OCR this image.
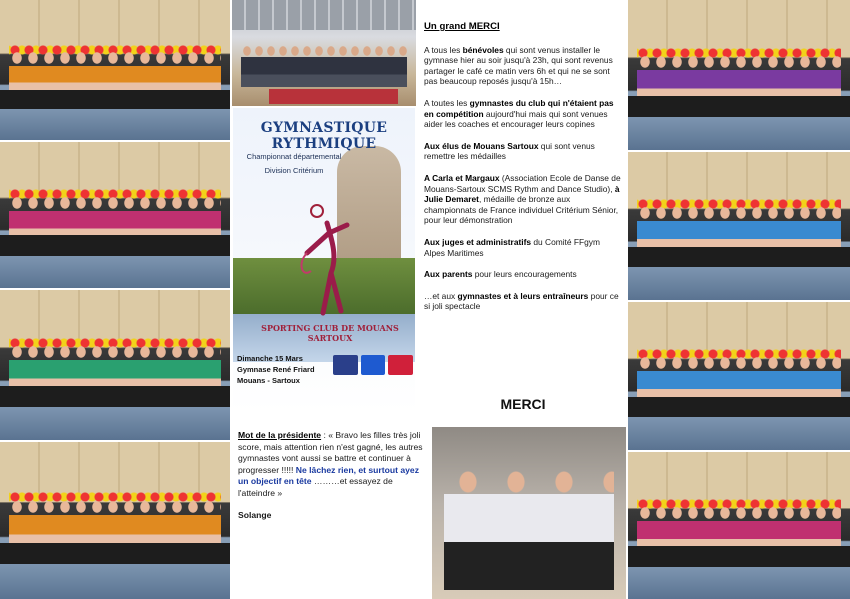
GYMNASTIQUE RYTHMIQUE
Championnat départemental
Division Critérium
SPORTING CLUB DE MOUANS SARTOUX
Dimanche 15 Mars
Gymnase René Friard
Mouans - Sartoux
Un grand MERCI

A tous les bénévoles qui sont venus installer le gymnase hier au soir jusqu'à 23h, qui sont revenus partager le café ce matin vers 6h et qui ne se sont pas beaucoup reposés jusqu'à 15h…

A toutes les gymnastes du club qui n'étaient pas en compétition aujourd'hui mais qui sont venues aider les coaches et encourager leurs copines

Aux élus de Mouans Sartoux qui sont venus remettre les médailles

A Carla et Margaux (Association Ecole de Danse de Mouans-Sartoux SCMS Rythm and Dance Studio), à Julie Demaret, médaille de bronze aux championnats de France individuel Critérium Sénior, pour leur démonstration

Aux juges et administratifs du Comité FFgym Alpes Maritimes

Aux parents pour leurs encouragements

…et aux gymnastes et à leurs entraîneurs pour ce si joli spectacle

MERCI

Mot de la présidente : « Bravo les filles très joli score, mais attention rien n'est gagné, les autres gymnastes vont aussi se battre et continuer à progresser !!!!! Ne lâchez rien, et surtout ayez un objectif en tête ………et essayez de l'atteindre »

Solange
